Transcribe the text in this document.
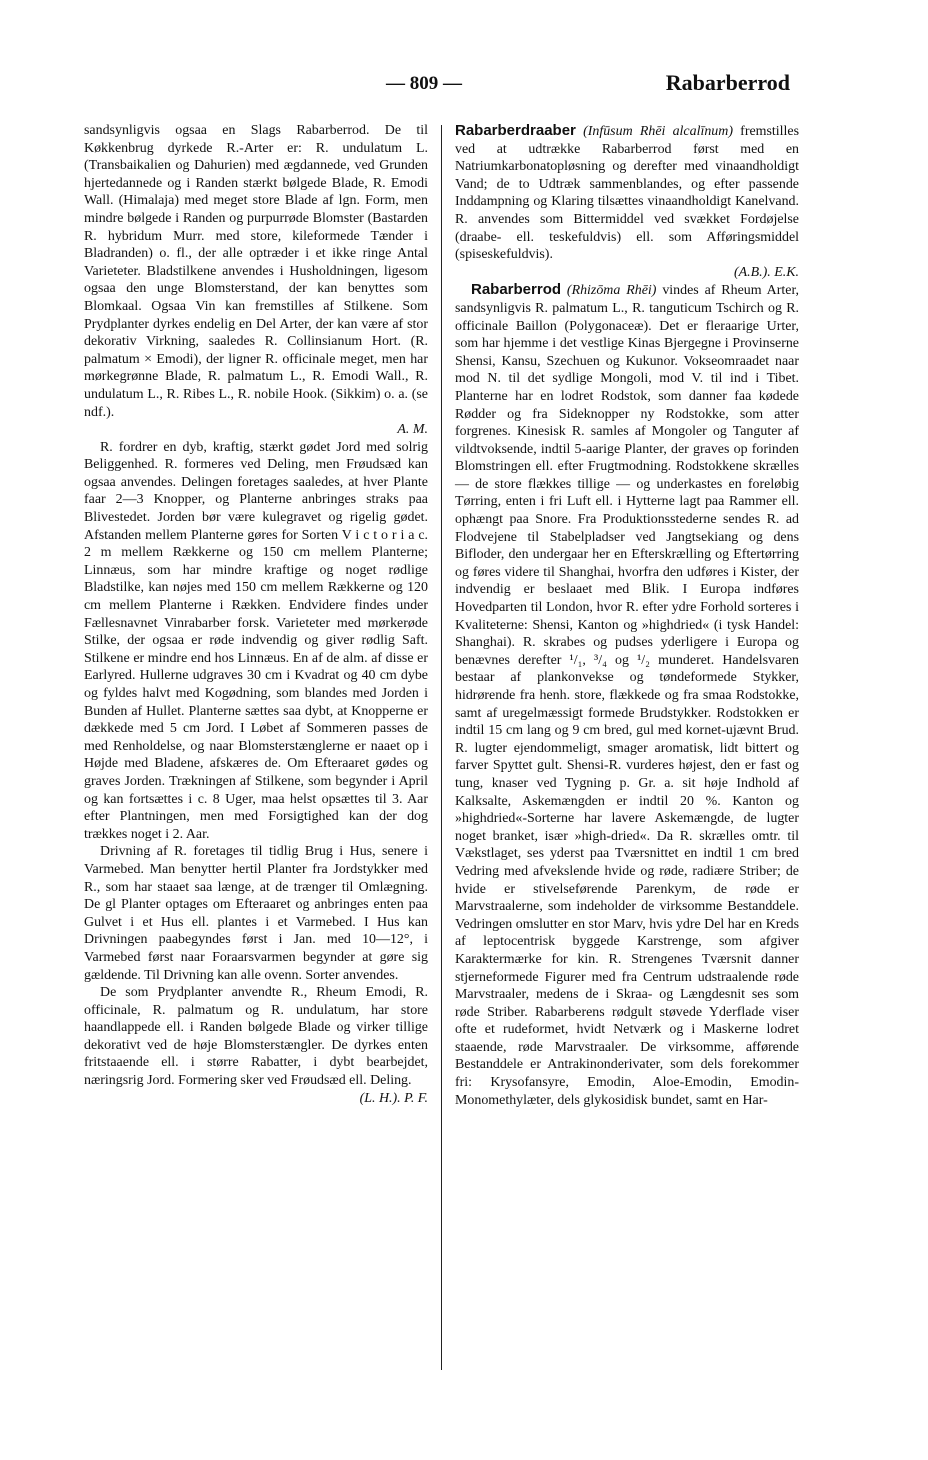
— 809 —	Rabarberrod

sandsynligvis ogsaa en Slags Rabarberrod. De til Køkkenbrug dyrkede R.-Arter er: R. undulatum L. (Transbaikalien og Dahurien) med ægdannede, ved Grunden hjertedannede og i Randen stærkt bølgede Blade, R. Emodi Wall. (Himalaja) med meget store Blade af lgn. Form, men mindre bølgede i Randen og purpurrøde Blomster (Bastarden R. hybridum Murr. med store, kileformede Tænder i Bladranden) o. fl., der alle optræder i et ikke ringe Antal Varieteter. Bladstilkene anvendes i Husholdningen, ligesom ogsaa den unge Blomsterstand, der kan benyttes som Blomkaal. Ogsaa Vin kan fremstilles af Stilkene. Som Prydplanter dyrkes endelig en Del Arter, der kan være af stor dekorativ Virkning, saaledes R. Collinsianum Hort. (R. palmatum × Emodi), der ligner R. officinale meget, men har mørkegrønne Blade, R. palmatum L., R. Emodi Wall., R. undulatum L., R. Ribes L., R. nobile Hook. (Sikkim) o. a. (se ndf.).

A. M.

R. fordrer en dyb, kraftig, stærkt gødet Jord med solrig Beliggenhed. R. formeres ved Deling, men Frøudsæd kan ogsaa anvendes. Delingen foretages saaledes, at hver Plante faar 2—3 Knopper, og Planterne anbringes straks paa Blivestedet. Jorden bør være kulegravet og rigelig gødet. Afstanden mellem Planterne gøres for Sorten V i c t o r i a c. 2 m mellem Rækkerne og 150 cm mellem Planterne; Linnæus, som har mindre kraftige og noget rødlige Bladstilke, kan nøjes med 150 cm mellem Rækkerne og 120 cm mellem Planterne i Rækken. Endvidere findes under Fællesnavnet Vinrabarber forsk. Varieteter med mørkerøde Stilke, der ogsaa er røde indvendig og giver rødlig Saft. Stilkene er mindre end hos Linnæus. En af de alm. af disse er Earlyred. Hullerne udgraves 30 cm i Kvadrat og 40 cm dybe og fyldes halvt med Kogødning, som blandes med Jorden i Bunden af Hullet. Planterne sættes saa dybt, at Knopperne er dækkede med 5 cm Jord. I Løbet af Sommeren passes de med Renholdelse, og naar Blomsterstænglerne er naaet op i Højde med Bladene, afskæres de. Om Efteraaret gødes og graves Jorden. Trækningen af Stilkene, som begynder i April og kan fortsættes i c. 8 Uger, maa helst opsættes til 3. Aar efter Plantningen, men med Forsigtighed kan der dog trækkes noget i 2. Aar.

Drivning af R. foretages til tidlig Brug i Hus, senere i Varmebed. Man benytter hertil Planter fra Jordstykker med R., som har staaet saa længe, at de trænger til Omlægning. De gl Planter optages om Efteraaret og anbringes enten paa Gulvet i et Hus ell. plantes i et Varmebed. I Hus kan Drivningen paabegyndes først i Jan. med 10—12°, i Varmebed først naar Foraarsvarmen begynder at gøre sig gældende. Til Drivning kan alle ovenn. Sorter anvendes.

De som Prydplanter anvendte R., Rheum Emodi, R. officinale, R. palmatum og R. undulatum, har store haandlappede ell. i Randen bølgede Blade og virker tillige dekorativt ved de høje Blomsterstængler. De dyrkes enten fritstaaende ell. i større Rabatter, i dybt bearbejdet, næringsrig Jord. Formering sker ved Frøudsæd ell. Deling.

(L. H.). P. F.

Rabarberdraaber (Infūsum Rhēi alcalīnum) fremstilles ved at udtrække Rabarberrod først med en Natriumkarbonatopløsning og derefter med vinaandholdigt Vand; de to Udtræk sammenblandes, og efter passende Inddampning og Klaring tilsættes vinaandholdigt Kanelvand. R. anvendes som Bittermiddel ved svækket Fordøjelse (draabe- ell. teskefuldvis) ell. som Afføringsmiddel (spiseskefuldvis).

(A.B.). E.K.

Rabarberrod (Rhizōma Rhēi) vindes af Rheum Arter, sandsynligvis R. palmatum L., R. tanguticum Tschirch og R. officinale Baillon (Polygonaceæ). Det er fleraarige Urter, som har hjemme i det vestlige Kinas Bjergegne i Provinserne Shensi, Kansu, Szechuen og Kukunor. Vokseomraadet naar mod N. til det sydlige Mongoli, mod V. til ind i Tibet. Planterne har en lodret Rodstok, som danner faa kødede Rødder og fra Sideknopper ny Rodstokke, som atter forgrenes. Kinesisk R. samles af Mongoler og Tanguter af vildtvoksende, indtil 5-aarige Planter, der graves op forinden Blomstringen ell. efter Frugtmodning. Rodstokkene skrælles — de store flækkes tillige — og underkastes en foreløbig Tørring, enten i fri Luft ell. i Hytterne lagt paa Rammer ell. ophængt paa Snore. Fra Produktionsstederne sendes R. ad Flodvejene til Stabelpladser ved Jangtsekiang og dens Bifloder, den undergaar her en Efterskrælling og Eftertørring og føres videre til Shanghai, hvorfra den udføres i Kister, der indvendig er beslaaet med Blik. I Europa indføres Hovedparten til London, hvor R. efter ydre Forhold sorteres i Kvaliteterne: Shensi, Kanton og »highdried« (i tysk Handel: Shanghai). R. skrabes og pudses yderligere i Europa og benævnes derefter ¹/₁, ³/₄ og ¹/₂ munderet. Handelsvaren bestaar af plankonvekse og tøndeformede Stykker, hidrørende fra henh. store, flækkede og fra smaa Rodstokke, samt af uregelmæssigt formede Brudstykker. Rodstokken er indtil 15 cm lang og 9 cm bred, gul med kornet-ujævnt Brud. R. lugter ejendommeligt, smager aromatisk, lidt bittert og farver Spyttet gult. Shensi-R. vurderes højest, den er fast og tung, knaser ved Tygning p. Gr. a. sit høje Indhold af Kalksalte, Askemængden er indtil 20 %. Kanton og »highdried«-Sorterne har lavere Askemængde, de lugter noget branket, især »high-dried«. Da R. skrælles omtr. til Vækstlaget, ses yderst paa Tværsnittet en indtil 1 cm bred Vedring med afvekslende hvide og røde, radiære Striber; de hvide er stivelseførende Parenkym, de røde er Marvstraalerne, som indeholder de virksomme Bestanddele. Vedringen omslutter en stor Marv, hvis ydre Del har en Kreds af leptocentrisk byggede Karstrenge, som afgiver Karaktermærke for kin. R. Strengenes Tværsnit danner stjerneformede Figurer med fra Centrum udstraalende røde Marvstraaler, medens de i Skraa- og Længdesnit ses som røde Striber. Rabarberens rødgult støvede Yderflade viser ofte et rudeformet, hvidt Netværk og i Maskerne lodret staaende, røde Marvstraaler. De virksomme, afførende Bestanddele er Antrakinonderivater, som dels forekommer fri: Krysofansyre, Emodin, Aloe-Emodin, Emodin-Monomethylæter, dels glykosidisk bundet, samt en Har-
